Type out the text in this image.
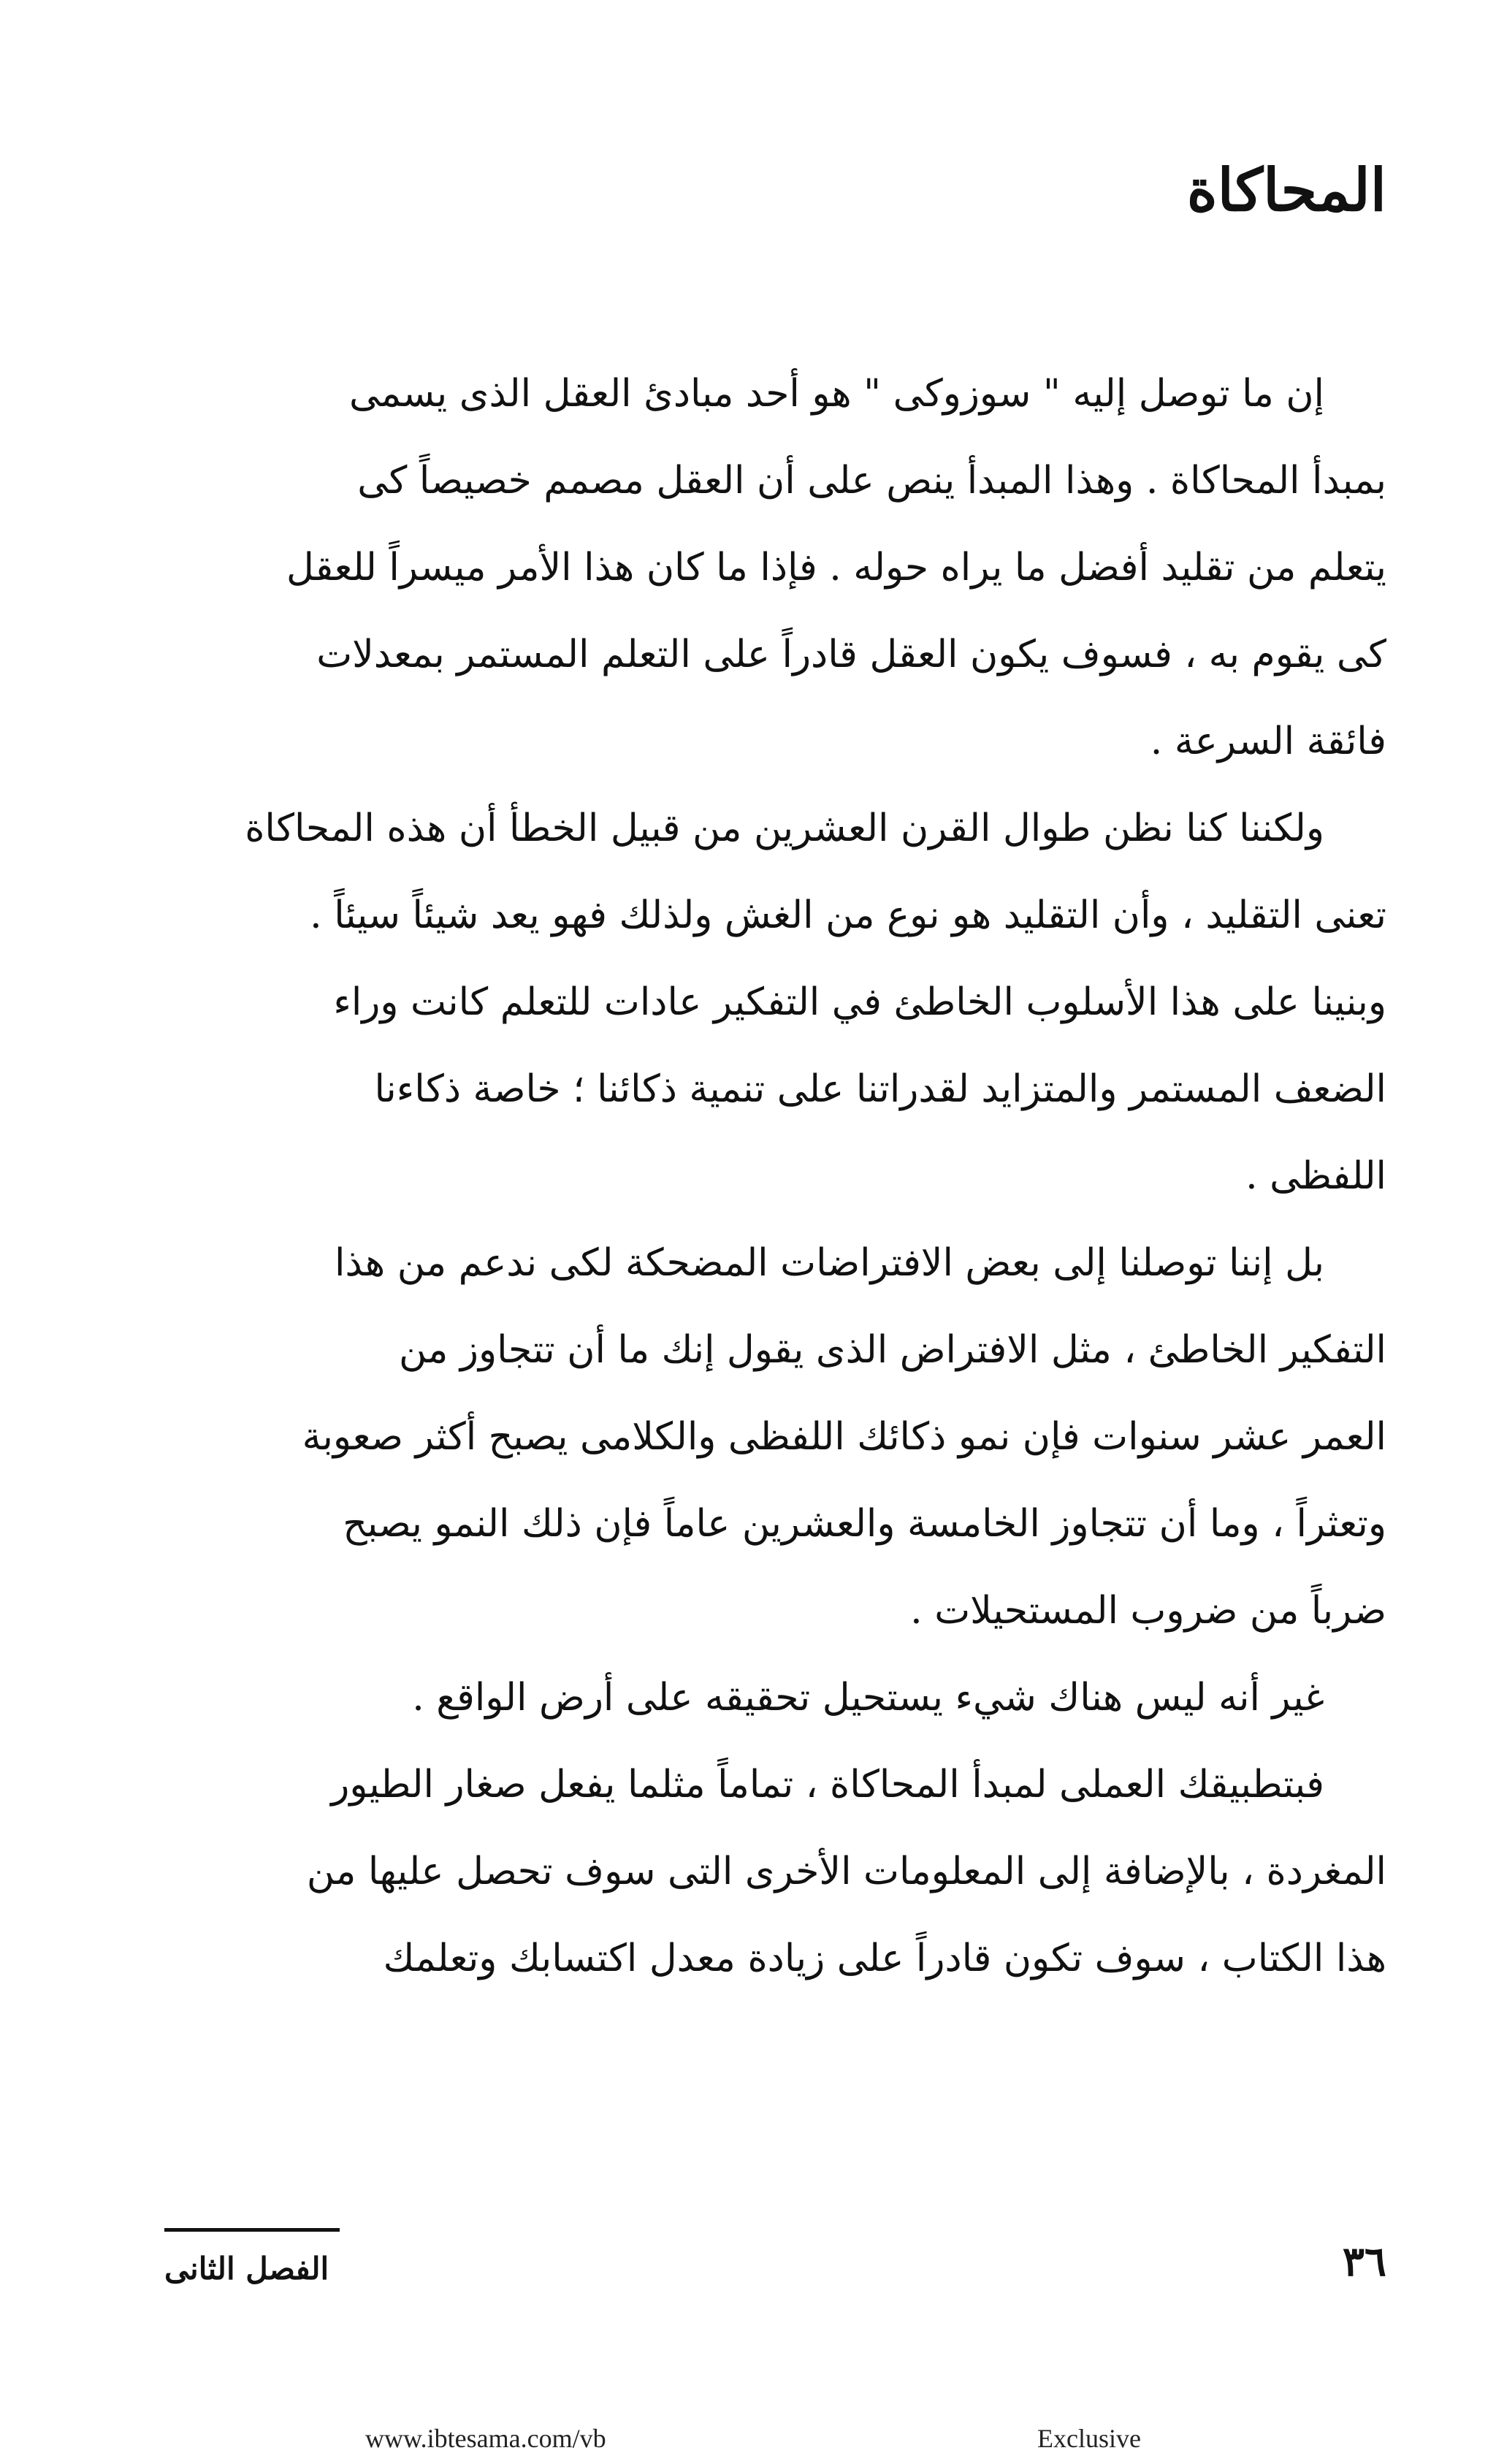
المحاكاة
إن ما توصل إليه " سوزوكى " هو أحد مبادئ العقل الذى يسمى
بمبدأ المحاكاة . وهذا المبدأ ينص على أن العقل مصمم خصيصاً كى
يتعلم من تقليد أفضل ما يراه حوله . فإذا ما كان هذا الأمر ميسراً للعقل
كى يقوم به ، فسوف يكون العقل قادراً على التعلم المستمر بمعدلات
فائقة السرعة .
ولكننا كنا نظن طوال القرن العشرين من قبيل الخطأ أن هذه المحاكاة
تعنى التقليد ، وأن التقليد هو نوع من الغش ولذلك فهو يعد شيئاً سيئاً .
وبنينا على هذا الأسلوب الخاطئ في التفكير عادات للتعلم كانت وراء
الضعف المستمر والمتزايد لقدراتنا على تنمية ذكائنا ؛ خاصة ذكاءنا
اللفظى .
بل إننا توصلنا إلى بعض الافتراضات المضحكة لكى ندعم من هذا
التفكير الخاطئ ، مثل الافتراض الذى يقول إنك ما أن تتجاوز من
العمر عشر سنوات فإن نمو ذكائك اللفظى والكلامى يصبح أكثر صعوبة
وتعثراً ، وما أن تتجاوز الخامسة والعشرين عاماً فإن ذلك النمو يصبح
ضرباً من ضروب المستحيلات .
غير أنه ليس هناك شيء يستحيل تحقيقه على أرض الواقع .
فبتطبيقك العملى لمبدأ المحاكاة ، تماماً مثلما يفعل صغار الطيور
المغردة ، بالإضافة إلى المعلومات الأخرى التى سوف تحصل عليها من
هذا الكتاب ، سوف تكون قادراً على زيادة معدل اكتسابك وتعلمك
الفصل الثانى	٣٦
www.ibtesama.com/vb	Exclusive
